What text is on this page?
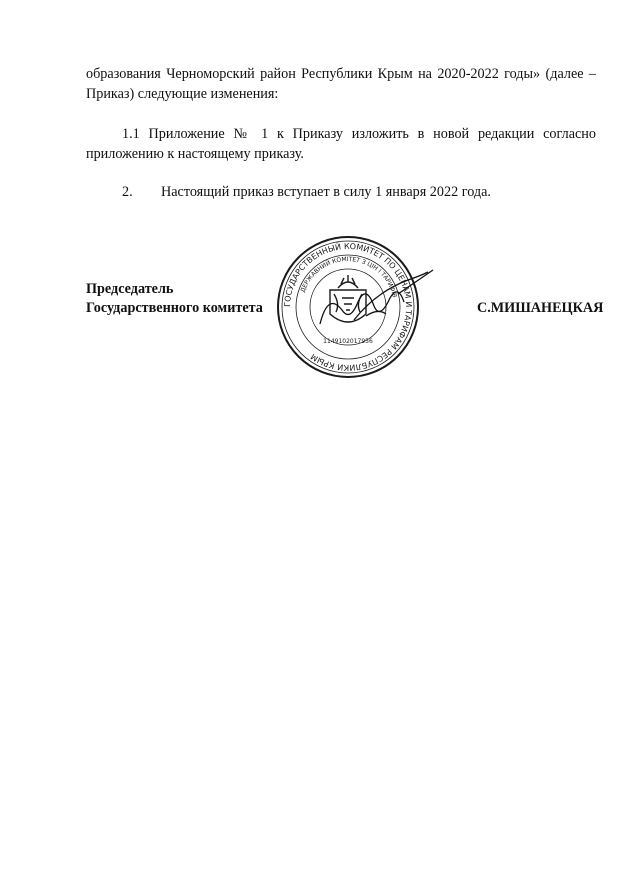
образования Черноморский район Республики Крым на 2020-2022 годы» (далее – Приказ) следующие изменения:

1.1 Приложение № 1 к Приказу изложить в новой редакции согласно приложению к настоящему приказу.

2. Настоящий приказ вступает в силу 1 января 2022 года.
Председатель
Государственного комитета	ГОСУДАРСТВЕННЫЙ КОМИТЕТ ПО ЦЕНАМ И ТАРИФАМ РЕСПУБЛИКИ КРЫМ
ДЕРЖАВНИЙ КОМІТЕТ З ЦІН І ТАРИФІВ
1149102017956
С.МИШАНЕЦКАЯ
